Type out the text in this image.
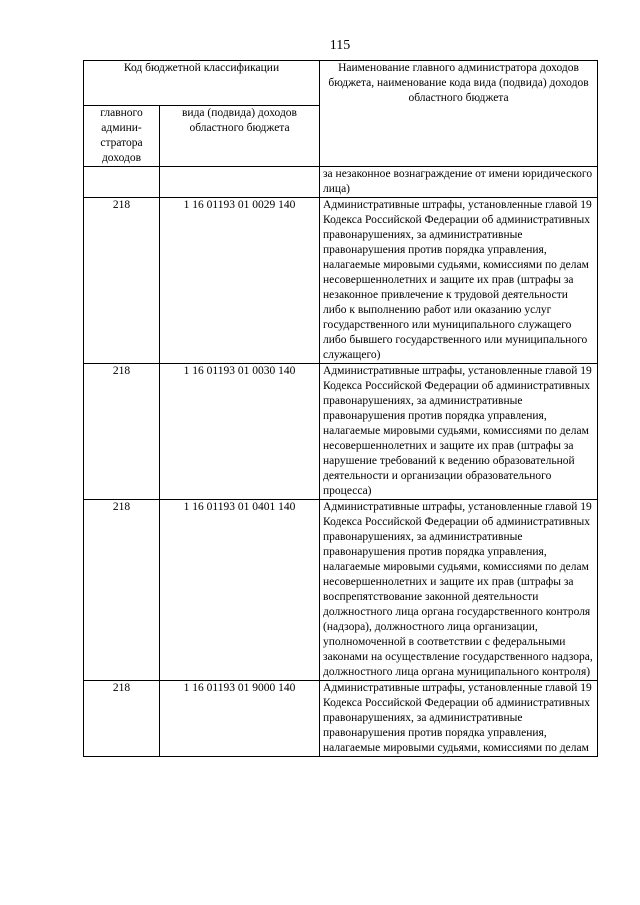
115
Код бюджетной классификации		Наименование главного администратора доходов бюджета, наименование кода вида (подвида) доходов областного бюджета
главного админи-стратора доходов	вида (подвида) доходов областного бюджета	
		за незаконное вознаграждение от имени юридического лица)
218	1 16 01193 01 0029 140	Административные штрафы, установленные главой 19 Кодекса Российской Федерации об административных правонарушениях, за административные правонарушения против порядка управления, налагаемые мировыми судьями, комиссиями по делам несовершеннолетних и защите их прав (штрафы за незаконное привлечение к трудовой деятельности либо к выполнению работ или оказанию услуг государственного или муниципального служащего либо бывшего государственного или муниципального служащего)
218	1 16 01193 01 0030 140	Административные штрафы, установленные главой 19 Кодекса Российской Федерации об административных правонарушениях, за административные правонарушения против порядка управления, налагаемые мировыми судьями, комиссиями по делам несовершеннолетних и защите их прав (штрафы за нарушение требований к ведению образовательной деятельности и организации образовательного процесса)
218	1 16 01193 01 0401 140	Административные штрафы, установленные главой 19 Кодекса Российской Федерации об административных правонарушениях, за административные правонарушения против порядка управления, налагаемые мировыми судьями, комиссиями по делам несовершеннолетних и защите их прав (штрафы за воспрепятствование законной деятельности должностного лица органа государственного контроля (надзора), должностного лица организации, уполномоченной в соответствии с федеральными законами на осуществление государственного надзора, должностного лица органа муниципального контроля)
218	1 16 01193 01 9000 140	Административные штрафы, установленные главой 19 Кодекса Российской Федерации об административных правонарушениях, за административные правонарушения против порядка управления, налагаемые мировыми судьями, комиссиями по делам
